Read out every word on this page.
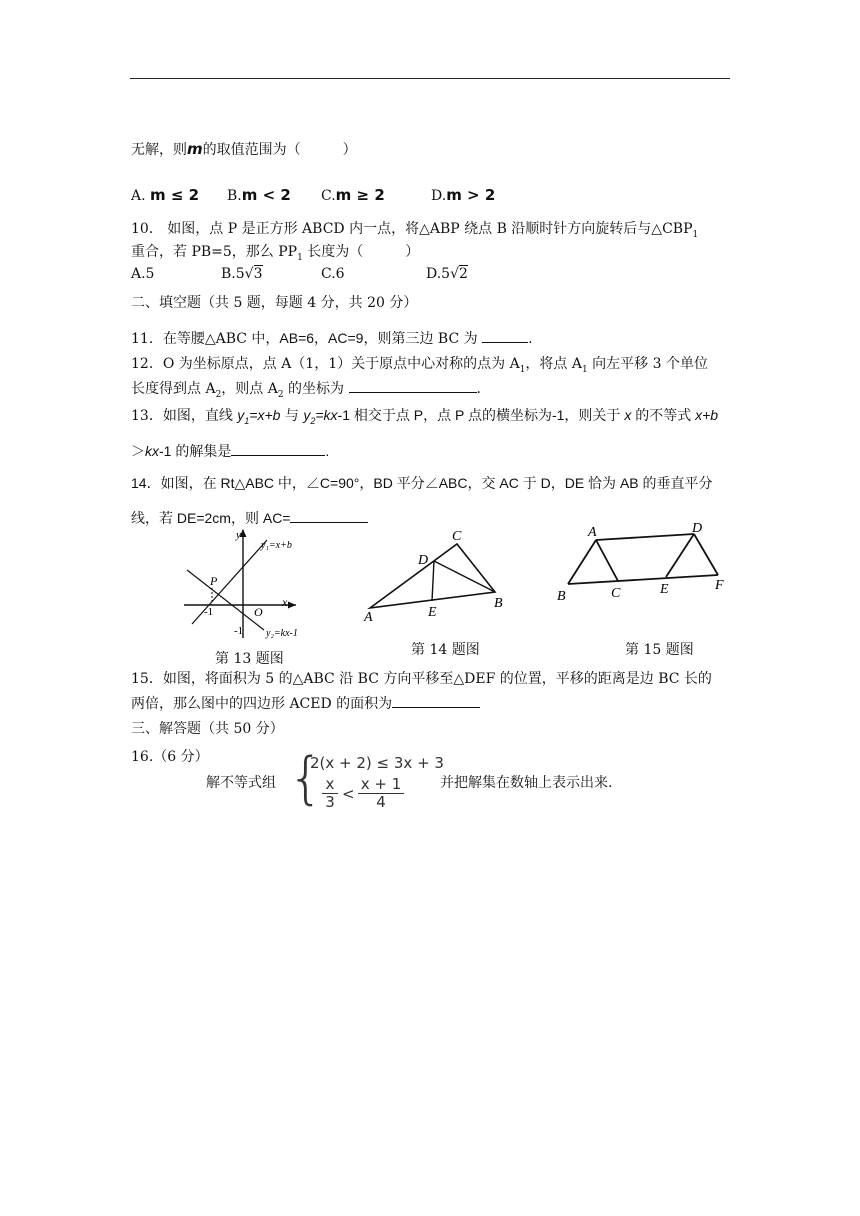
无解，则m的取值范围为（　　　）
A. m ≤ 2 B.m < 2 C.m ≥ 2	D.m > 2
10． 如图，点 P 是正方形 ABCD 内一点，将△ABP 绕点 B 沿顺时针方向旋转后与$\triangle CBP_1$
重合，若 PB=5，那么 $PP_1$ 长度为（　　　）
A.5	B.5√3	C.6	D.5√2
二、填空题（共 5 题，每题 4 分，共 20 分）
11．在等腰△ABC 中，AB=6，AC=9，则第三边 BC 为	.
12．O 为坐标原点，点 A（1，1）关于原点中心对称的点为 $A_1$，将点 $A_1$ 向左平移 3 个单位
长度得到点 $A_2$，则点 $A_2$ 的坐标为	.
13．如图，直线 $y_1=x+b$ 与 $y_2=kx-1$ 相交于点 P，点 P 点的横坐标为-1，则关于 x 的不等式 x+b
＞kx-1 的解集是	.
14．如图，在 Rt△ABC 中，∠C=90°，BD 平分∠ABC，交 AC 于 D，DE 恰为 AB 的垂直平分
线，若 DE=2cm，则 AC=
y
x
O
P
-1
-1
y₁=x+b
y₂=kx-1
第 13 题图
A
C
B
D
E
第 14 题图
A	D
B	C	E	F
第 15 题图
15．如图，将面积为 5 的△ABC 沿 BC 方向平移至△DEF 的位置，平移的距离是边 BC 长的
两倍，那么图中的四边形 ACED 的面积为
三、解答题（共 50 分）
16.（6 分）
解不等式组 {
2(x + 2) ≤ 3x + 3
$\frac{x}{3} < \frac{x + 1}{4}$	并把解集在数轴上表示出来.
